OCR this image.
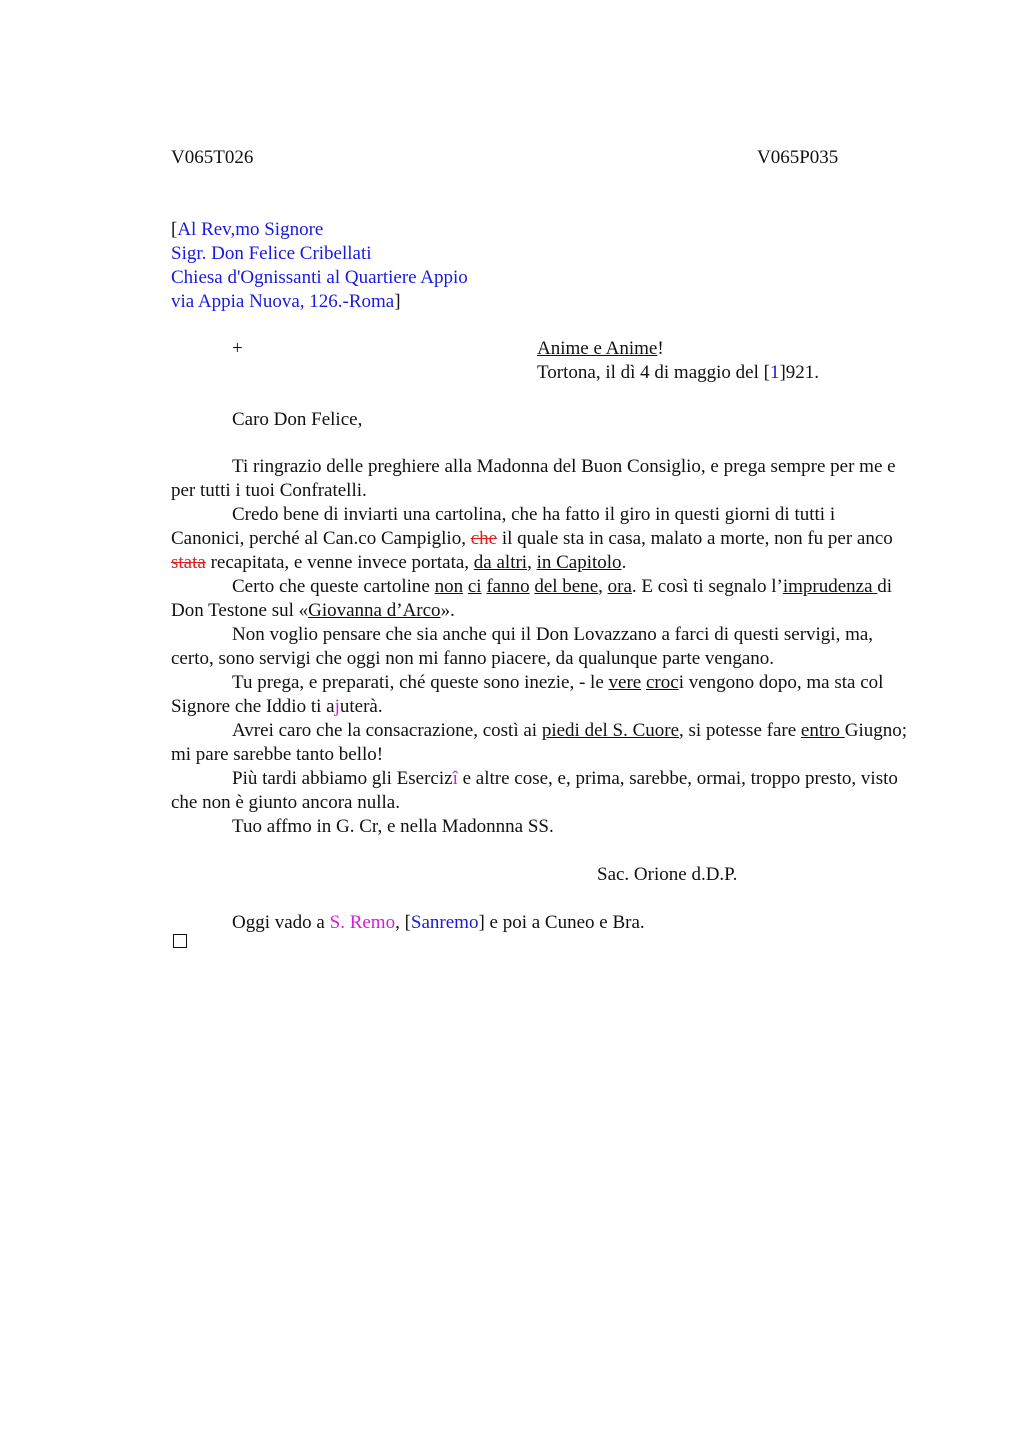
V065T026	V065P035
[Al Rev,mo Signore
Sigr. Don Felice Cribellati
Chiesa d'Ognissanti al Quartiere Appio
via Appia Nuova, 126.-Roma]
+	Anime e Anime!
Tortona, il dì 4 di maggio del [1]921.
Caro Don Felice,

Ti ringrazio delle preghiere alla Madonna del Buon Consiglio, e prega sempre per me e per tutti i tuoi Confratelli.

Credo bene di inviarti una cartolina, che ha fatto il giro in questi giorni di tutti i Canonici, perché al Can.co Campiglio, che il quale sta in casa, malato a morte, non fu per anco stata recapitata, e venne invece portata, da altri, in Capitolo.

Certo che queste cartoline non ci fanno del bene, ora. E così ti segnalo l’imprudenza di Don Testone sul «Giovanna d’Arco».

Non voglio pensare che sia anche qui il Don Lovazzano a farci di questi servigi, ma, certo, sono servigi che oggi non mi fanno piacere, da qualunque parte vengano.

Tu prega, e preparati, ché queste sono inezie, - le vere croci vengono dopo, ma sta col Signore che Iddio ti ajuterà.

Avrei caro che la consacrazione, costì ai piedi del S. Cuore, si potesse fare entro Giugno; mi pare sarebbe tanto bello!

Più tardi abbiamo gli Esercizî e altre cose, e, prima, sarebbe, ormai, troppo presto, visto che non è giunto ancora nulla.

Tuo affmo in G. Cr, e nella Madonnna SS.

Sac. Orione d.D.P.

Oggi vado a S. Remo, [Sanremo] e poi a Cuneo e Bra.
